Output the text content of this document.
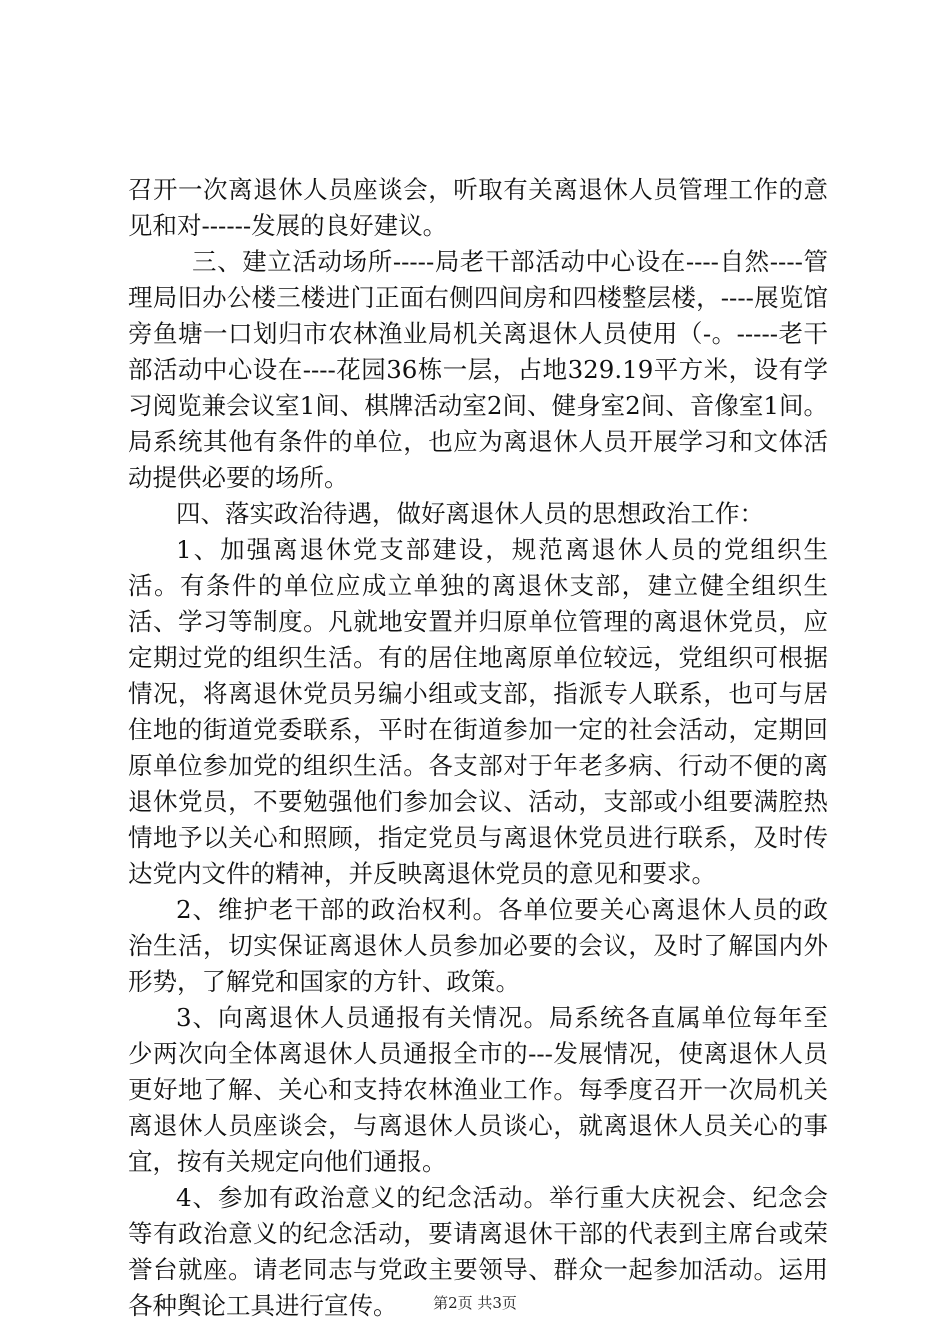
召开一次离退休人员座谈会，听取有关离退休人员管理工作的意见和对------发展的良好建议。

三、建立活动场所-----局老干部活动中心设在----自然----管理局旧办公楼三楼进门正面右侧四间房和四楼整层楼，----展览馆旁鱼塘一口划归市农林渔业局机关离退休人员使用（-。-----老干部活动中心设在----花园36栋一层，占地329.19平方米，设有学习阅览兼会议室1间、棋牌活动室2间、健身室2间、音像室1间。局系统其他有条件的单位，也应为离退休人员开展学习和文体活动提供必要的场所。

四、落实政治待遇，做好离退休人员的思想政治工作：

1、加强离退休党支部建设，规范离退休人员的党组织生活。有条件的单位应成立单独的离退休支部，建立健全组织生活、学习等制度。凡就地安置并归原单位管理的离退休党员，应定期过党的组织生活。有的居住地离原单位较远，党组织可根据情况，将离退休党员另编小组或支部，指派专人联系，也可与居住地的街道党委联系，平时在街道参加一定的社会活动，定期回原单位参加党的组织生活。各支部对于年老多病、行动不便的离退休党员，不要勉强他们参加会议、活动，支部或小组要满腔热情地予以关心和照顾，指定党员与离退休党员进行联系，及时传达党内文件的精神，并反映离退休党员的意见和要求。

2、维护老干部的政治权利。各单位要关心离退休人员的政治生活，切实保证离退休人员参加必要的会议，及时了解国内外形势，了解党和国家的方针、政策。

3、向离退休人员通报有关情况。局系统各直属单位每年至少两次向全体离退休人员通报全市的---发展情况，使离退休人员更好地了解、关心和支持农林渔业工作。每季度召开一次局机关离退休人员座谈会，与离退休人员谈心，就离退休人员关心的事宜，按有关规定向他们通报。

4、参加有政治意义的纪念活动。举行重大庆祝会、纪念会等有政治意义的纪念活动，要请离退休干部的代表到主席台或荣誉台就座。请老同志与党政主要领导、群众一起参加活动。运用各种舆论工具进行宣传。	第2页 共3页
